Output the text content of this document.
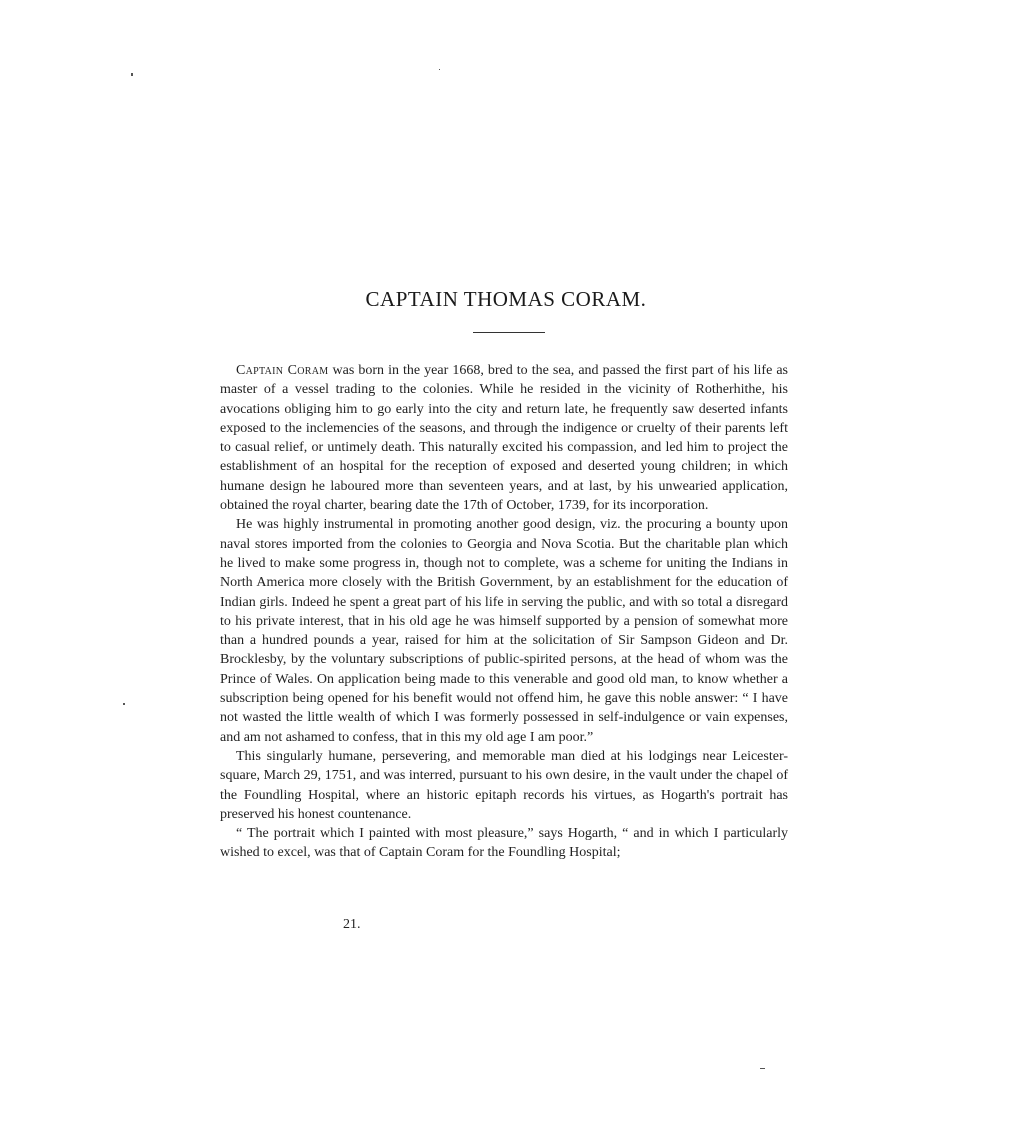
CAPTAIN THOMAS CORAM.

Captain Coram was born in the year 1668, bred to the sea, and passed the first part of his life as master of a vessel trading to the colonies. While he resided in the vicinity of Rotherhithe, his avocations obliging him to go early into the city and return late, he frequently saw deserted infants exposed to the inclemencies of the seasons, and through the indigence or cruelty of their parents left to casual relief, or untimely death. This naturally excited his compassion, and led him to project the establishment of an hospital for the reception of exposed and deserted young children; in which humane design he laboured more than seventeen years, and at last, by his unwearied application, obtained the royal charter, bearing date the 17th of October, 1739, for its incorporation.

He was highly instrumental in promoting another good design, viz. the procuring a bounty upon naval stores imported from the colonies to Georgia and Nova Scotia. But the charitable plan which he lived to make some progress in, though not to complete, was a scheme for uniting the Indians in North America more closely with the British Government, by an establishment for the education of Indian girls. Indeed he spent a great part of his life in serving the public, and with so total a disregard to his private interest, that in his old age he was himself supported by a pension of somewhat more than a hundred pounds a year, raised for him at the solicitation of Sir Sampson Gideon and Dr. Brocklesby, by the voluntary subscriptions of public-spirited persons, at the head of whom was the Prince of Wales. On application being made to this venerable and good old man, to know whether a subscription being opened for his benefit would not offend him, he gave this noble answer: “ I have not wasted the little wealth of which I was formerly possessed in self-indulgence or vain expenses, and am not ashamed to confess, that in this my old age I am poor.”

This singularly humane, persevering, and memorable man died at his lodgings near Leicester-square, March 29, 1751, and was interred, pursuant to his own desire, in the vault under the chapel of the Foundling Hospital, where an historic epitaph records his virtues, as Hogarth's portrait has preserved his honest countenance.

“ The portrait which I painted with most pleasure,” says Hogarth, “ and in which I particularly wished to excel, was that of Captain Coram for the Foundling Hospital;

21.
